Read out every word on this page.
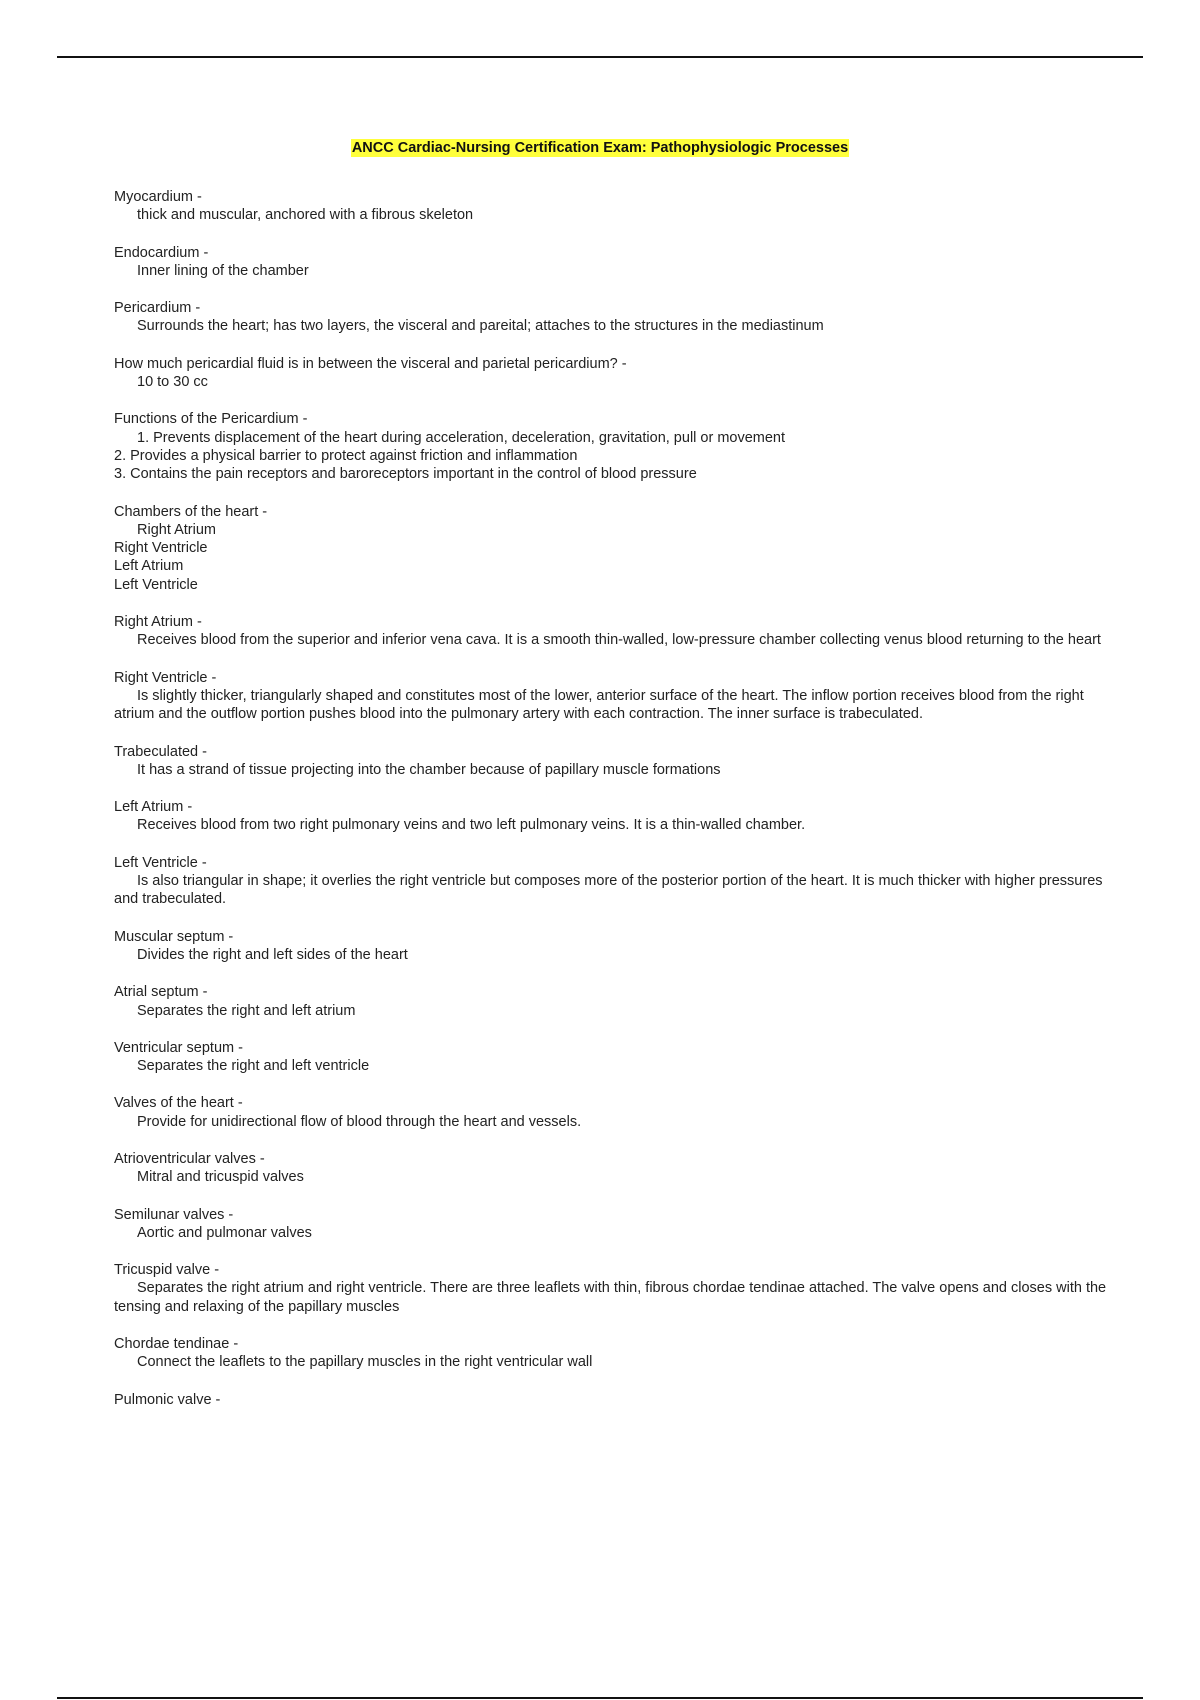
ANCC Cardiac-Nursing Certification Exam: Pathophysiologic Processes
Myocardium -
thick and muscular, anchored with a fibrous skeleton
Endocardium -
Inner lining of the chamber
Pericardium -
Surrounds the heart; has two layers, the visceral and pareital; attaches to the structures in the mediastinum
How much pericardial fluid is in between the visceral and parietal pericardium? -
10 to 30 cc
Functions of the Pericardium -
1. Prevents displacement of the heart during acceleration, deceleration, gravitation, pull or movement
2. Provides a physical barrier to protect against friction and inflammation
3. Contains the pain receptors and baroreceptors important in the control of blood pressure
Chambers of the heart -
Right Atrium
Right Ventricle
Left Atrium
Left Ventricle
Right Atrium -
Receives blood from the superior and inferior vena cava. It is a smooth thin-walled, low-pressure chamber collecting venus blood returning to the heart
Right Ventricle -
Is slightly thicker, triangularly shaped and constitutes most of the lower, anterior surface of the heart. The inflow portion receives blood from the right atrium and the outflow portion pushes blood into the pulmonary artery with each contraction. The inner surface is trabeculated.
Trabeculated -
It has a strand of tissue projecting into the chamber because of papillary muscle formations
Left Atrium -
Receives blood from two right pulmonary veins and two left pulmonary veins. It is a thin-walled chamber.
Left Ventricle -
Is also triangular in shape; it overlies the right ventricle but composes more of the posterior portion of the heart. It is much thicker with higher pressures and trabeculated.
Muscular septum -
Divides the right and left sides of the heart
Atrial septum -
Separates the right and left atrium
Ventricular septum -
Separates the right and left ventricle
Valves of the heart -
Provide for unidirectional flow of blood through the heart and vessels.
Atrioventricular valves -
Mitral and tricuspid valves
Semilunar valves -
Aortic and pulmonar valves
Tricuspid valve -
Separates the right atrium and right ventricle. There are three leaflets with thin, fibrous chordae tendinae attached. The valve opens and closes with the tensing and relaxing of the papillary muscles
Chordae tendinae -
Connect the leaflets to the papillary muscles in the right ventricular wall
Pulmonic valve -
